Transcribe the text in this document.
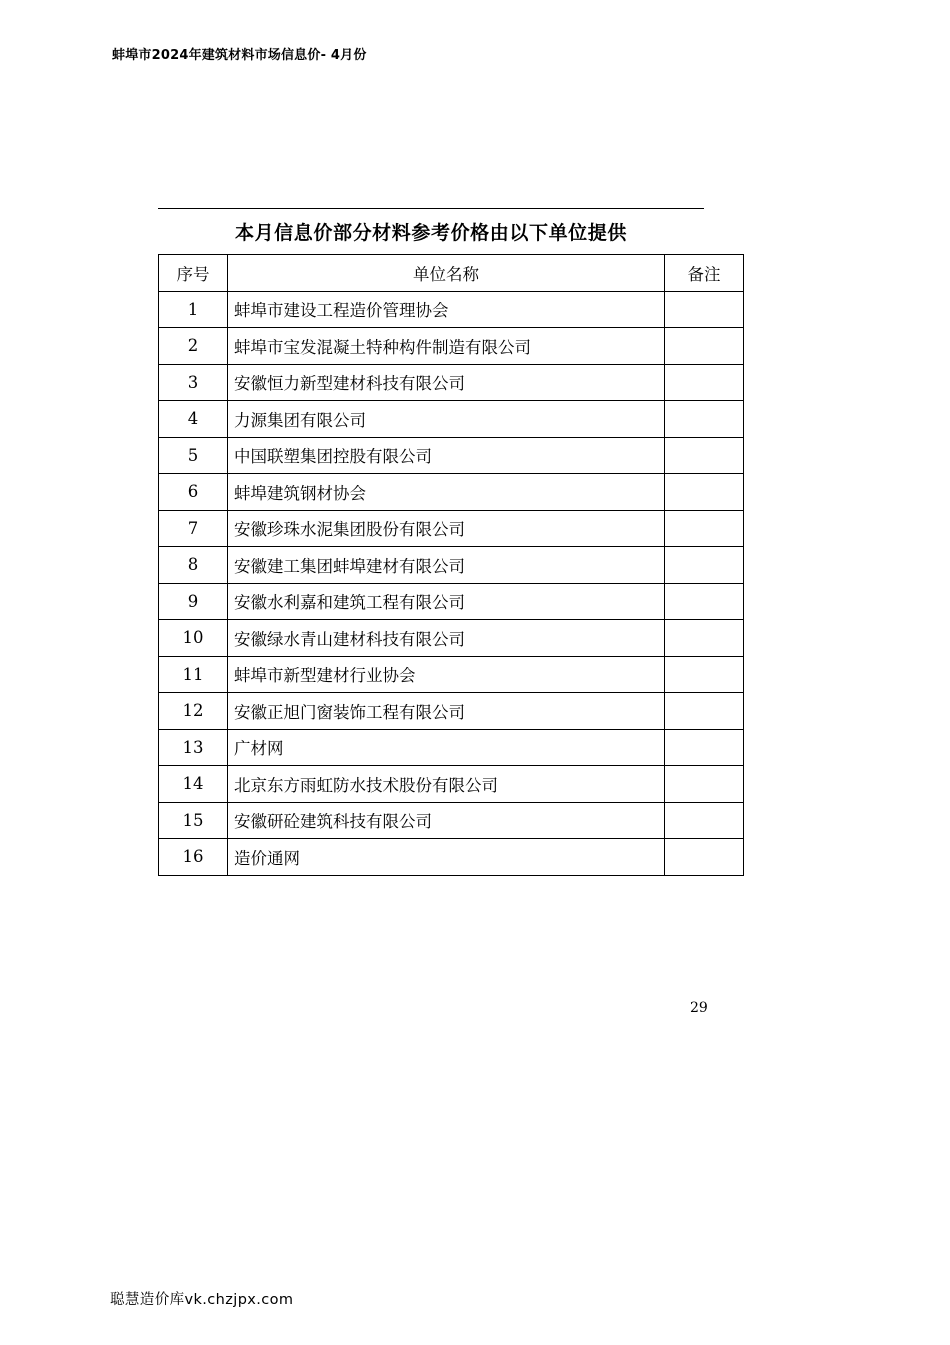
蚌埠市2024年建筑材料市场信息价- 4月份
本月信息价部分材料参考价格由以下单位提供
序号	单位名称	备注
1	蚌埠市建设工程造价管理协会	
2	蚌埠市宝发混凝土特种构件制造有限公司	
3	安徽恒力新型建材科技有限公司	
4	力源集团有限公司	
5	中国联塑集团控股有限公司	
6	蚌埠建筑钢材协会	
7	安徽珍珠水泥集团股份有限公司	
8	安徽建工集团蚌埠建材有限公司	
9	安徽水利嘉和建筑工程有限公司	
10	安徽绿水青山建材科技有限公司	
11	蚌埠市新型建材行业协会	
12	安徽正旭门窗装饰工程有限公司	
13	广材网	
14	北京东方雨虹防水技术股份有限公司	
15	安徽研砼建筑科技有限公司	
16	造价通网	
29
聪慧造价库vk.chzjpx.com
